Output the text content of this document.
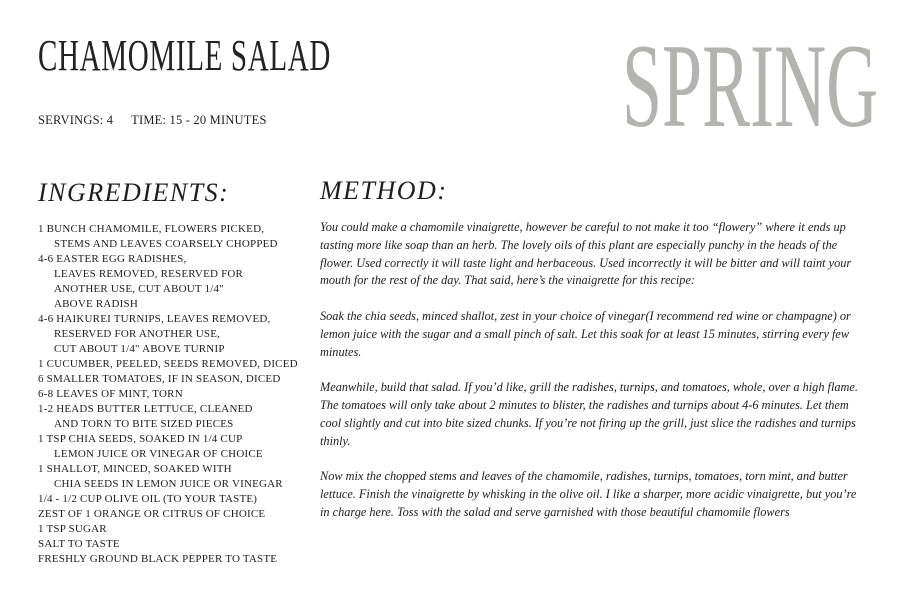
CHAMOMILE SALAD
SERVINGS: 4 TIME: 15 - 20 MINUTES	SPRING
INGREDIENTS:
1 BUNCH CHAMOMILE, FLOWERS PICKED,
STEMS AND LEAVES COARSELY CHOPPED
4-6 EASTER EGG RADISHES,
LEAVES REMOVED, RESERVED FOR
ANOTHER USE, CUT ABOUT 1/4"
ABOVE RADISH
4-6 HAIKUREI TURNIPS, LEAVES REMOVED,
RESERVED FOR ANOTHER USE,
CUT ABOUT 1/4" ABOVE TURNIP
1 CUCUMBER, PEELED, SEEDS REMOVED, DICED
6 SMALLER TOMATOES, IF IN SEASON, DICED
6-8 LEAVES OF MINT, TORN
1-2 HEADS BUTTER LETTUCE, CLEANED
AND TORN TO BITE SIZED PIECES
1 TSP CHIA SEEDS, SOAKED IN 1/4 CUP
LEMON JUICE OR VINEGAR OF CHOICE
1 SHALLOT, MINCED, SOAKED WITH
CHIA SEEDS IN LEMON JUICE OR VINEGAR
1/4 - 1/2 CUP OLIVE OIL (TO YOUR TASTE)
ZEST OF 1 ORANGE OR CITRUS OF CHOICE
1 TSP SUGAR
SALT TO TASTE
FRESHLY GROUND BLACK PEPPER TO TASTE
METHOD:

You could make a chamomile vinaigrette, however be careful to not make it too “flowery” where it ends up tasting more like soap than an herb. The lovely oils of this plant are especially punchy in the heads of the flower. Used correctly it will taste light and herbaceous. Used incorrectly it will be bitter and will taint your mouth for the rest of the day. That said, here’s the vinaigrette for this recipe:

Soak the chia seeds, minced shallot, zest in your choice of vinegar(I recommend red wine or champagne) or lemon juice with the sugar and a small pinch of salt. Let this soak for at least 15 minutes, stirring every few minutes.

Meanwhile, build that salad. If you’d like, grill the radishes, turnips, and tomatoes, whole, over a high flame. The tomatoes will only take about 2 minutes to blister, the radishes and turnips about 4-6 minutes. Let them cool slightly and cut into bite sized chunks. If you’re not firing up the grill, just slice the radishes and turnips thinly.

Now mix the chopped stems and leaves of the chamomile, radishes, turnips, tomatoes, torn mint, and butter lettuce. Finish the vinaigrette by whisking in the olive oil. I like a sharper, more acidic vinaigrette, but you’re in charge here. Toss with the salad and serve garnished with those beautiful chamomile flowers
